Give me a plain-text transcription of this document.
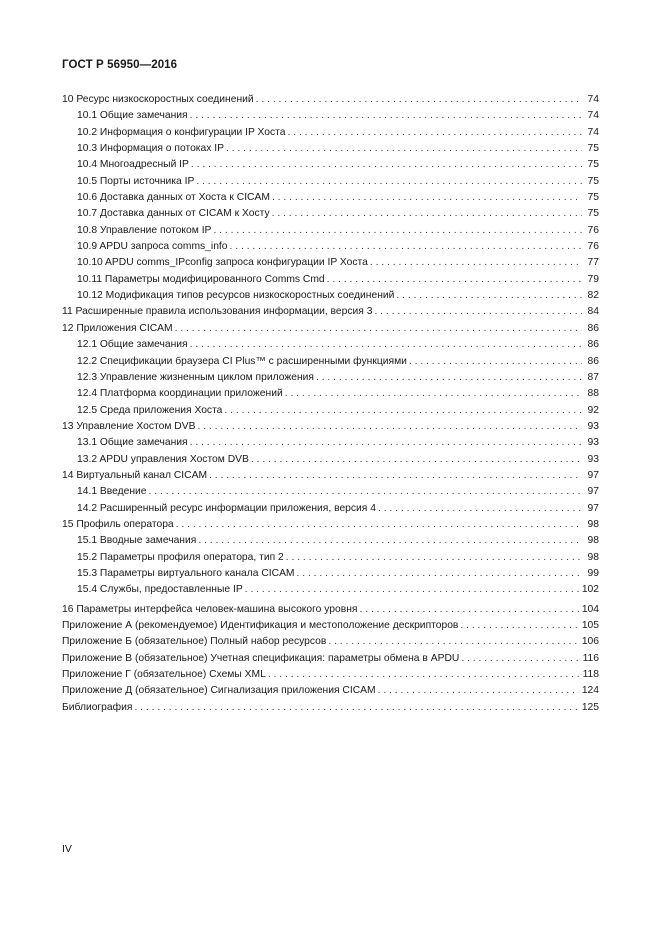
ГОСТ Р 56950—2016
10 Ресурс низкоскоростных соединений . . .	74
10.1 Общие замечания . . .	74
10.2 Информация о конфигурации IP Хоста . . .	74
10.3 Информация о потоках IP . . .	75
10.4 Многоадресный IP . . .	75
10.5 Порты источника IP . . .	75
10.6 Доставка данных от Хоста к CICAM . . .	75
10.7 Доставка данных от CICAM к Хосту . . .	75
10.8 Управление потоком IP . . .	76
10.9 APDU запроса comms_info . . .	76
10.10 APDU comms_IPconfig запроса конфигурации IP Хоста . . .	77
10.11 Параметры модифицированного Comms Cmd . . .	79
10.12 Модификация типов ресурсов низкоскоростных соединений . . .	82
11 Расширенные правила использования информации, версия 3 . . .	84
12 Приложения CICAM . . .	86
12.1 Общие замечания . . .	86
12.2 Спецификации браузера CI Plus™ с расширенными функциями . . .	86
12.3 Управление жизненным циклом приложения . . .	87
12.4 Платформа координации приложений . . .	88
12.5 Среда приложения Хоста . . .	92
13 Управление Хостом DVB . . .	93
13.1 Общие замечания . . .	93
13.2 APDU управления Хостом DVB . . .	93
14 Виртуальный канал CICAM . . .	97
14.1 Введение . . .	97
14.2 Расширенный ресурс информации приложения, версия 4 . . .	97
15 Профиль оператора . . .	98
15.1 Вводные замечания . . .	98
15.2 Параметры профиля оператора, тип 2 . . .	98
15.3 Параметры виртуального канала CICAM . . .	99
15.4 Службы, предоставленные IP . . .	102
16 Параметры интерфейса человек-машина высокого уровня . . .	104
Приложение А (рекомендуемое) Идентификация и местоположение дескрипторов . . .	105
Приложение Б (обязательное) Полный набор ресурсов . . .	106
Приложение В (обязательное) Учетная спецификация: параметры обмена в APDU . . .	116
Приложение Г (обязательное) Схемы XML . . .	118
Приложение Д (обязательное) Сигнализация приложения CICAM . . .	124
Библиография . . .	125
IV
